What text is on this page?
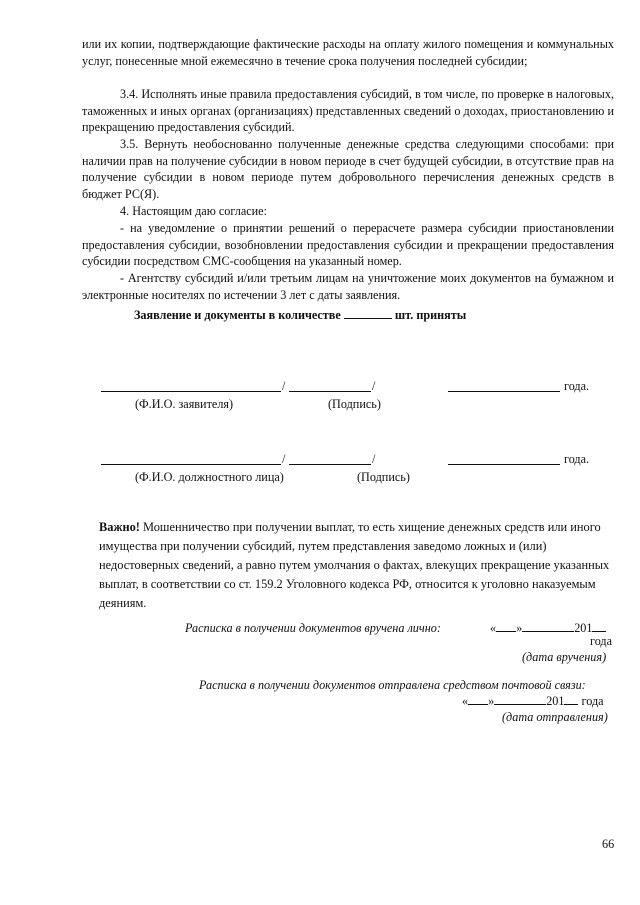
или их копии, подтверждающие фактические расходы на оплату жилого помещения и коммунальных услуг, понесенные мной ежемесячно в течение срока получения последней субсидии;
3.4. Исполнять иные правила предоставления субсидий, в том числе, по проверке в налоговых, таможенных и иных органах (организациях) представленных сведений о доходах, приостановлению и прекращению предоставления субсидий.
3.5. Вернуть необоснованно полученные денежные средства следующими способами: при наличии прав на получение субсидии в новом периоде в счет будущей субсидии, в отсутствие прав на получение субсидии в новом периоде путем добровольного перечисления денежных средств в бюджет РС(Я).
4. Настоящим даю согласие:
- на уведомление о принятии решений о перерасчете размера субсидии приостановлении предоставления субсидии, возобновлении предоставления субсидии и прекращении предоставления субсидии посредством СМС-сообщения на указанный номер.
- Агентству субсидий и/или третьим лицам на уничтожение моих документов на бумажном и электронные носителях по истечении 3 лет с даты заявления.
Заявление и документы в количестве	шт. приняты
/	/	года.
(Ф.И.О. заявителя)	(Подпись)
/	/	года.
(Ф.И.О. должностного лица)	(Подпись)
Важно! Мошенничество при получении выплат, то есть хищение денежных средств или иного имущества при получении субсидий, путем представления заведомо ложных и (или) недостоверных сведений, а равно путем умолчания о фактах, влекущих прекращение указанных выплат, в соответствии со ст. 159.2 Уголовного кодекса РФ, относится к уголовно наказуемым деяниям.
Расписка в получении документов вручена лично:	« »	201
года
(дата вручения)
Расписка в получении документов отправлена средством почтовой связи:
« »	201 года
(дата отправления)
66
